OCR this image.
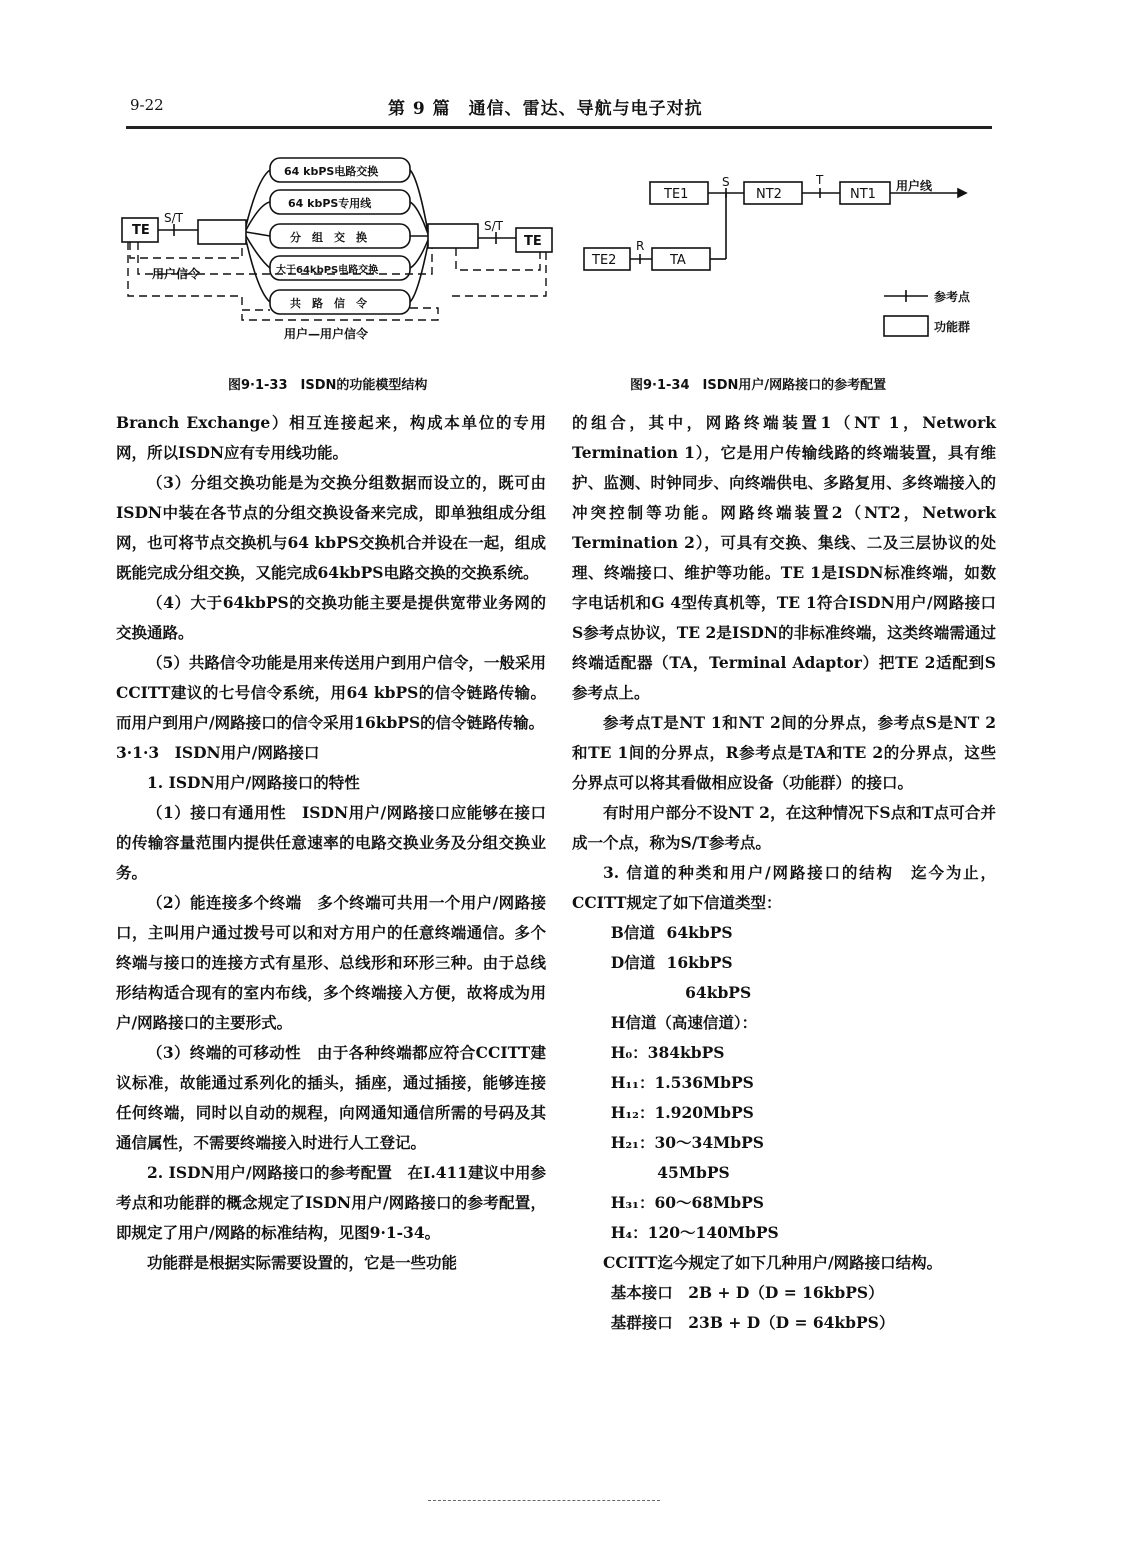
9-22	第 9 篇　通信、雷达、导航与电子对抗
TE
TE
S/T
S/T
64 kbPS电路交换
64 kbPS专用线
分　组　交　换
大于64kbPS电路交换
共　路　信　令
用户信令
用户—用户信令
图9·1-33　ISDN的功能模型结构
TE1	NT2	NT1
TE2	TA
S	T
R
用户线
参考点
功能群
图9·1-34　ISDN用户/网路接口的参考配置

Branch Exchange）相互连接起来，构成本单位的专用网，所以ISDN应有专用线功能。

（3）分组交换功能是为交换分组数据而设立的，既可由ISDN中装在各节点的分组交换设备来完成，即单独组成分组网，也可将节点交换机与64 kbPS交换机合并设在一起，组成既能完成分组交换，又能完成64kbPS电路交换的交换系统。

（4）大于64kbPS的交换功能主要是提供宽带业务网的交换通路。

（5）共路信令功能是用来传送用户到用户信令，一般采用CCITT建议的七号信令系统，用64 kbPS的信令链路传输。而用户到用户/网路接口的信令采用16kbPS的信令链路传输。

3·1·3　ISDN用户/网路接口

1. ISDN用户/网路接口的特性

（1）接口有通用性　ISDN用户/网路接口应能够在接口的传输容量范围内提供任意速率的电路交换业务及分组交换业务。

（2）能连接多个终端　多个终端可共用一个用户/网路接口，主叫用户通过拨号可以和对方用户的任意终端通信。多个终端与接口的连接方式有星形、总线形和环形三种。由于总线形结构适合现有的室内布线，多个终端接入方便，故将成为用户/网路接口的主要形式。

（3）终端的可移动性　由于各种终端都应符合CCITT建议标准，故能通过系列化的插头，插座，通过插接，能够连接任何终端，同时以自动的规程，向网通知通信所需的号码及其通信属性，不需要终端接入时进行人工登记。

2. ISDN用户/网路接口的参考配置　在I.411建议中用参考点和功能群的概念规定了ISDN用户/网路接口的参考配置，即规定了用户/网路的标准结构，见图9·1-34。

功能群是根据实际需要设置的，它是一些功能

的组合，其中，网路终端装置1（NT 1，Network Termination 1），它是用户传输线路的终端装置，具有维护、监测、时钟同步、向终端供电、多路复用、多终端接入的冲突控制等功能。网路终端装置2（NT2，Network Termination 2），可具有交换、集线、二及三层协议的处理、终端接口、维护等功能。TE 1是ISDN标准终端，如数字电话机和G 4型传真机等，TE 1符合ISDN用户/网路接口S参考点协议，TE 2是ISDN的非标准终端，这类终端需通过终端适配器（TA，Terminal Adaptor）把TE 2适配到S参考点上。

参考点T是NT 1和NT 2间的分界点，参考点S是NT 2和TE 1间的分界点，R参考点是TA和TE 2的分界点，这些分界点可以将其看做相应设备（功能群）的接口。

有时用户部分不设NT 2，在这种情况下S点和T点可合并成一个点，称为S/T参考点。

3. 信道的种类和用户/网路接口的结构　迄今为止，CCITT规定了如下信道类型：

B信道 64kbPS

D信道 16kbPS

64kbPS

H信道（高速信道）：

H₀：384kbPS

H₁₁：1.536MbPS

H₁₂：1.920MbPS

H₂₁：30～34MbPS

45MbPS

H₃₁：60～68MbPS

H₄：120～140MbPS

CCITT迄今规定了如下几种用户/网路接口结构。

基本接口　2B + D（D = 16kbPS）

基群接口　23B + D（D = 64kbPS）
